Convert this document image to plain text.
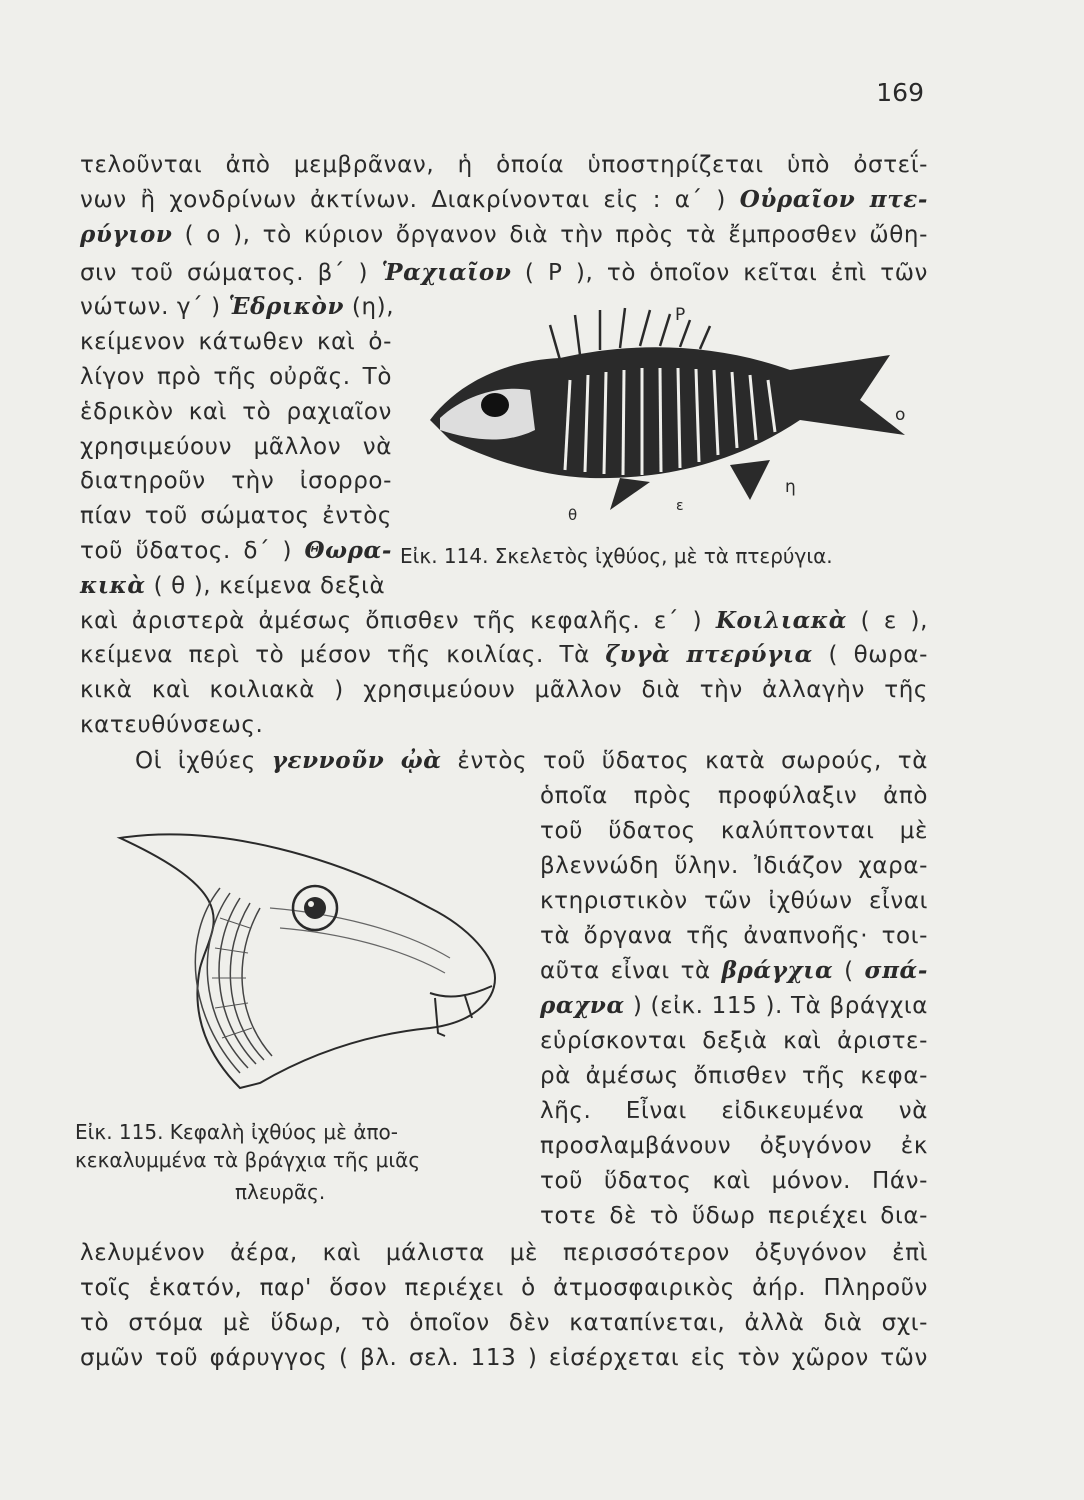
169
τελοῦνται ἀπὸ μεμβρᾶναν, ἡ ὁποία ὑποστηρίζεται ὑπὸ ὀστεΐ-
νων ἢ χονδρίνων ἀκτίνων. Διακρίνονται εἰς : α΄ ) Οὐραῖον πτε-
ρύγιον ( ο ), τὸ κύριον ὄργανον διὰ τὴν πρὸς τὰ ἔμπροσθεν ὤθη-
σιν τοῦ σώματος. β΄ ) Ῥαχιαῖον ( Ρ ), τὸ ὁποῖον κεῖται ἐπὶ τῶν
νώτων. γ΄ ) Ἑδρικὸν (η),
κείμενον κάτωθεν καὶ ὀ-
λίγον πρὸ τῆς οὐρᾶς. Τὸ
ἑδρικὸν καὶ τὸ ραχιαῖον
χρησιμεύουν μᾶλλον νὰ
διατηροῦν τὴν ἰσορρο-
πίαν τοῦ σώματος ἐντὸς
τοῦ ὕδατος. δ΄ ) Θωρα-
κικὰ ( θ ), κείμενα δεξιὰ
P
o
η
θ	ε
Εἰκ. 114. Σκελετὸς ἰχθύος, μὲ τὰ πτερύγια.
καὶ ἀριστερὰ ἀμέσως ὄπισθεν τῆς κεφαλῆς. ε΄ ) Κοιλιακὰ ( ε ),
κείμενα περὶ τὸ μέσον τῆς κοιλίας. Τὰ ζυγὰ πτερύγια ( θωρα-
κικὰ καὶ κοιλιακὰ ) χρησιμεύουν μᾶλλον διὰ τὴν ἀλλαγὴν τῆς
κατευθύνσεως.
Οἱ ἰχθύες γεννοῦν ᾠὰ ἐντὸς τοῦ ὕδατος κατὰ σωρούς, τὰ
ὁποῖα πρὸς προφύλαξιν ἀπὸ
τοῦ ὕδατος καλύπτονται μὲ
βλεννώδη ὕλην. Ἰδιάζον χαρα-
κτηριστικὸν τῶν ἰχθύων εἶναι
τὰ ὄργανα τῆς ἀναπνοῆς· τοι-
αῦτα εἶναι τὰ βράγχια ( σπά-
ραχνα ) (εἰκ. 115 ). Τὰ βράγχια
εὑρίσκονται δεξιὰ καὶ ἀριστε-
ρὰ ἀμέσως ὄπισθεν τῆς κεφα-
λῆς. Εἶναι εἰδικευμένα νὰ
προσλαμβάνουν ὀξυγόνον ἐκ
τοῦ ὕδατος καὶ μόνον. Πάν-
τοτε δὲ τὸ ὕδωρ περιέχει δια-
Εἰκ. 115. Κεφαλὴ ἰχθύος μὲ ἀπο-
κεκαλυμμένα τὰ βράγχια τῆς μιᾶς
πλευρᾶς.
λελυμένον ἀέρα, καὶ μάλιστα μὲ περισσότερον ὀξυγόνον ἐπὶ
τοῖς ἑκατόν, παρ' ὅσον περιέχει ὁ ἀτμοσφαιρικὸς ἀήρ. Πληροῦν
τὸ στόμα μὲ ὕδωρ, τὸ ὁποῖον δὲν καταπίνεται, ἀλλὰ διὰ σχι-
σμῶν τοῦ φάρυγγος ( βλ. σελ. 113 ) εἰσέρχεται εἰς τὸν χῶρον τῶν
